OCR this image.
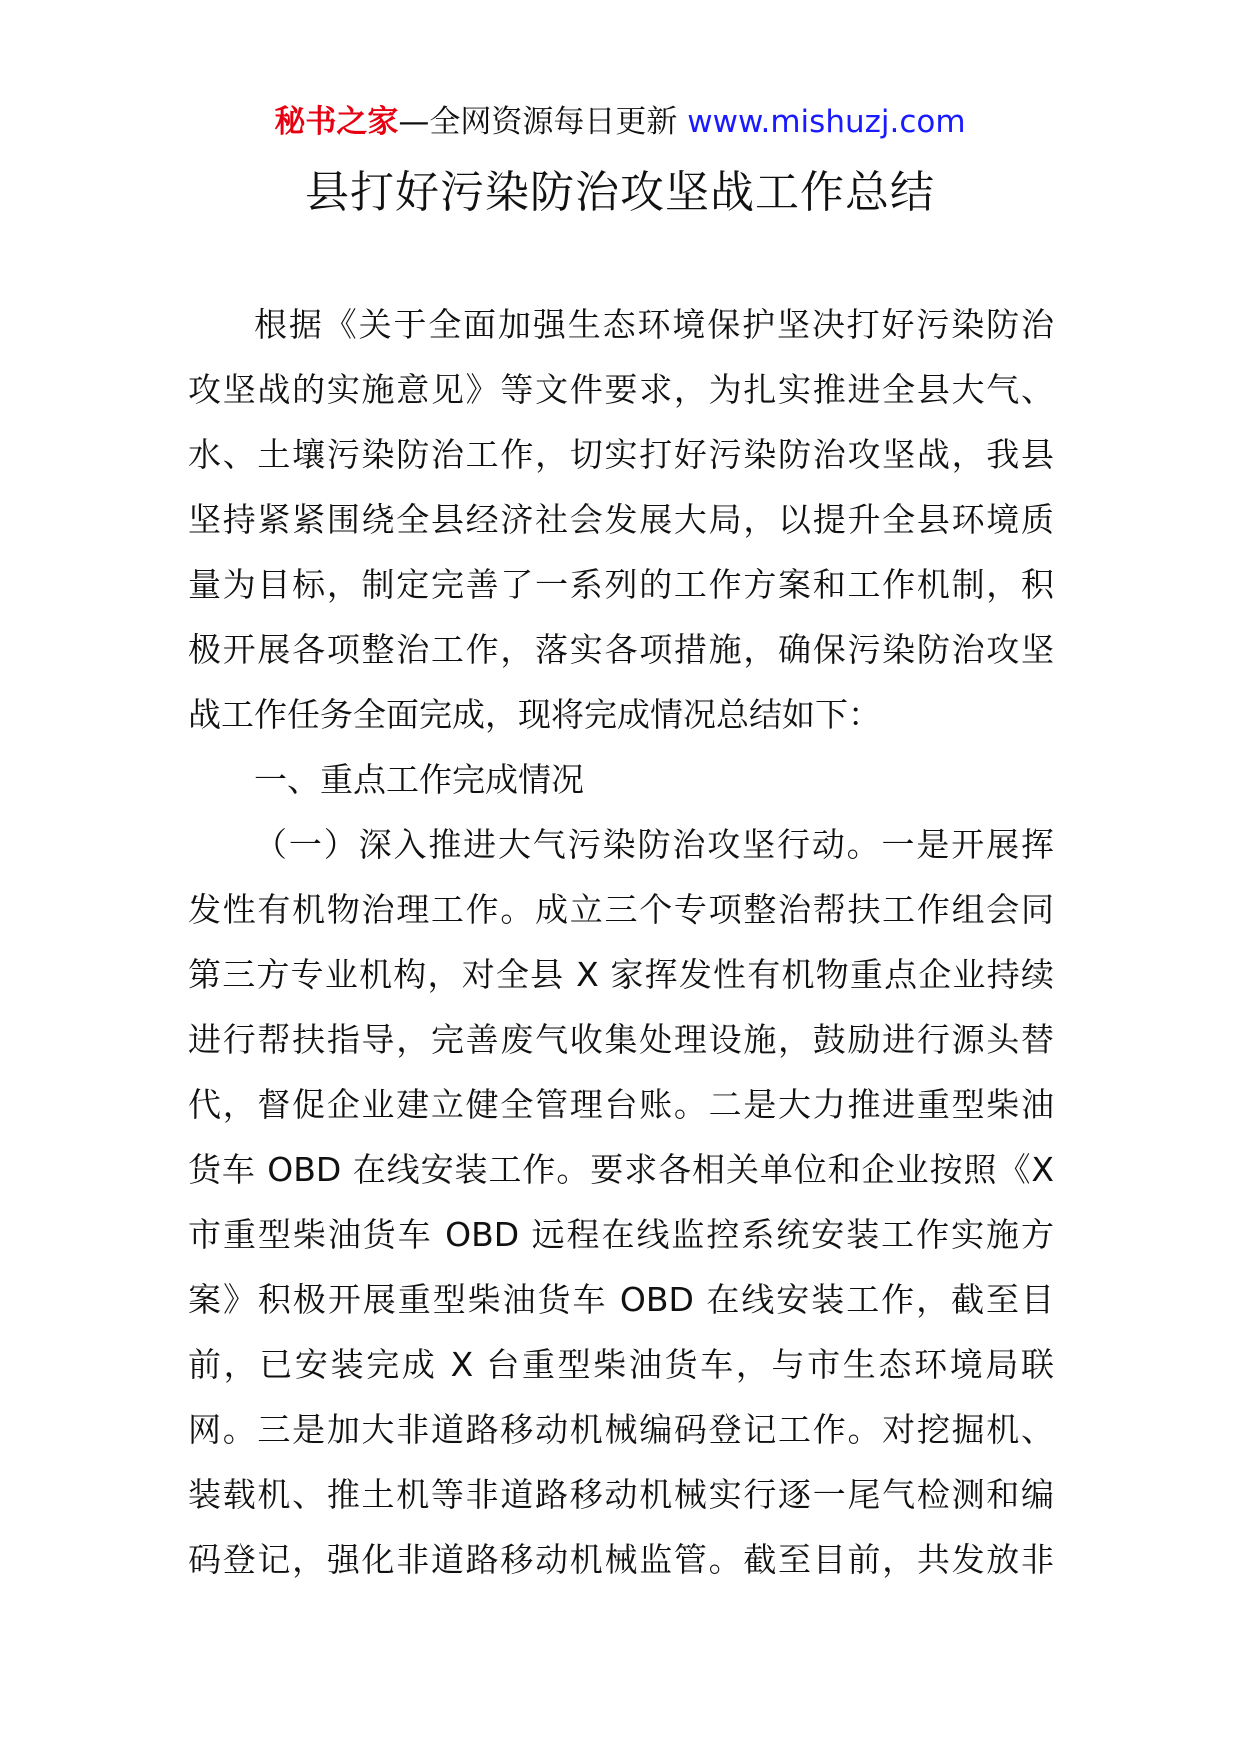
秘书之家—全网资源每日更新 www.mishuzj.com
县打好污染防治攻坚战工作总结
根据《关于全面加强生态环境保护坚决打好污染防治
攻坚战的实施意见》等文件要求，为扎实推进全县大气、
水、土壤污染防治工作，切实打好污染防治攻坚战，我县
坚持紧紧围绕全县经济社会发展大局，以提升全县环境质
量为目标，制定完善了一系列的工作方案和工作机制，积
极开展各项整治工作，落实各项措施，确保污染防治攻坚
战工作任务全面完成，现将完成情况总结如下：
一、重点工作完成情况
（一）深入推进大气污染防治攻坚行动。一是开展挥
发性有机物治理工作。成立三个专项整治帮扶工作组会同
第三方专业机构，对全县 X 家挥发性有机物重点企业持续
进行帮扶指导，完善废气收集处理设施，鼓励进行源头替
代，督促企业建立健全管理台账。二是大力推进重型柴油
货车 OBD 在线安装工作。要求各相关单位和企业按照《X
市重型柴油货车 OBD 远程在线监控系统安装工作实施方
案》积极开展重型柴油货车 OBD 在线安装工作，截至目
前，已安装完成 X 台重型柴油货车，与市生态环境局联
网。三是加大非道路移动机械编码登记工作。对挖掘机、
装载机、推土机等非道路移动机械实行逐一尾气检测和编
码登记，强化非道路移动机械监管。截至目前，共发放非
